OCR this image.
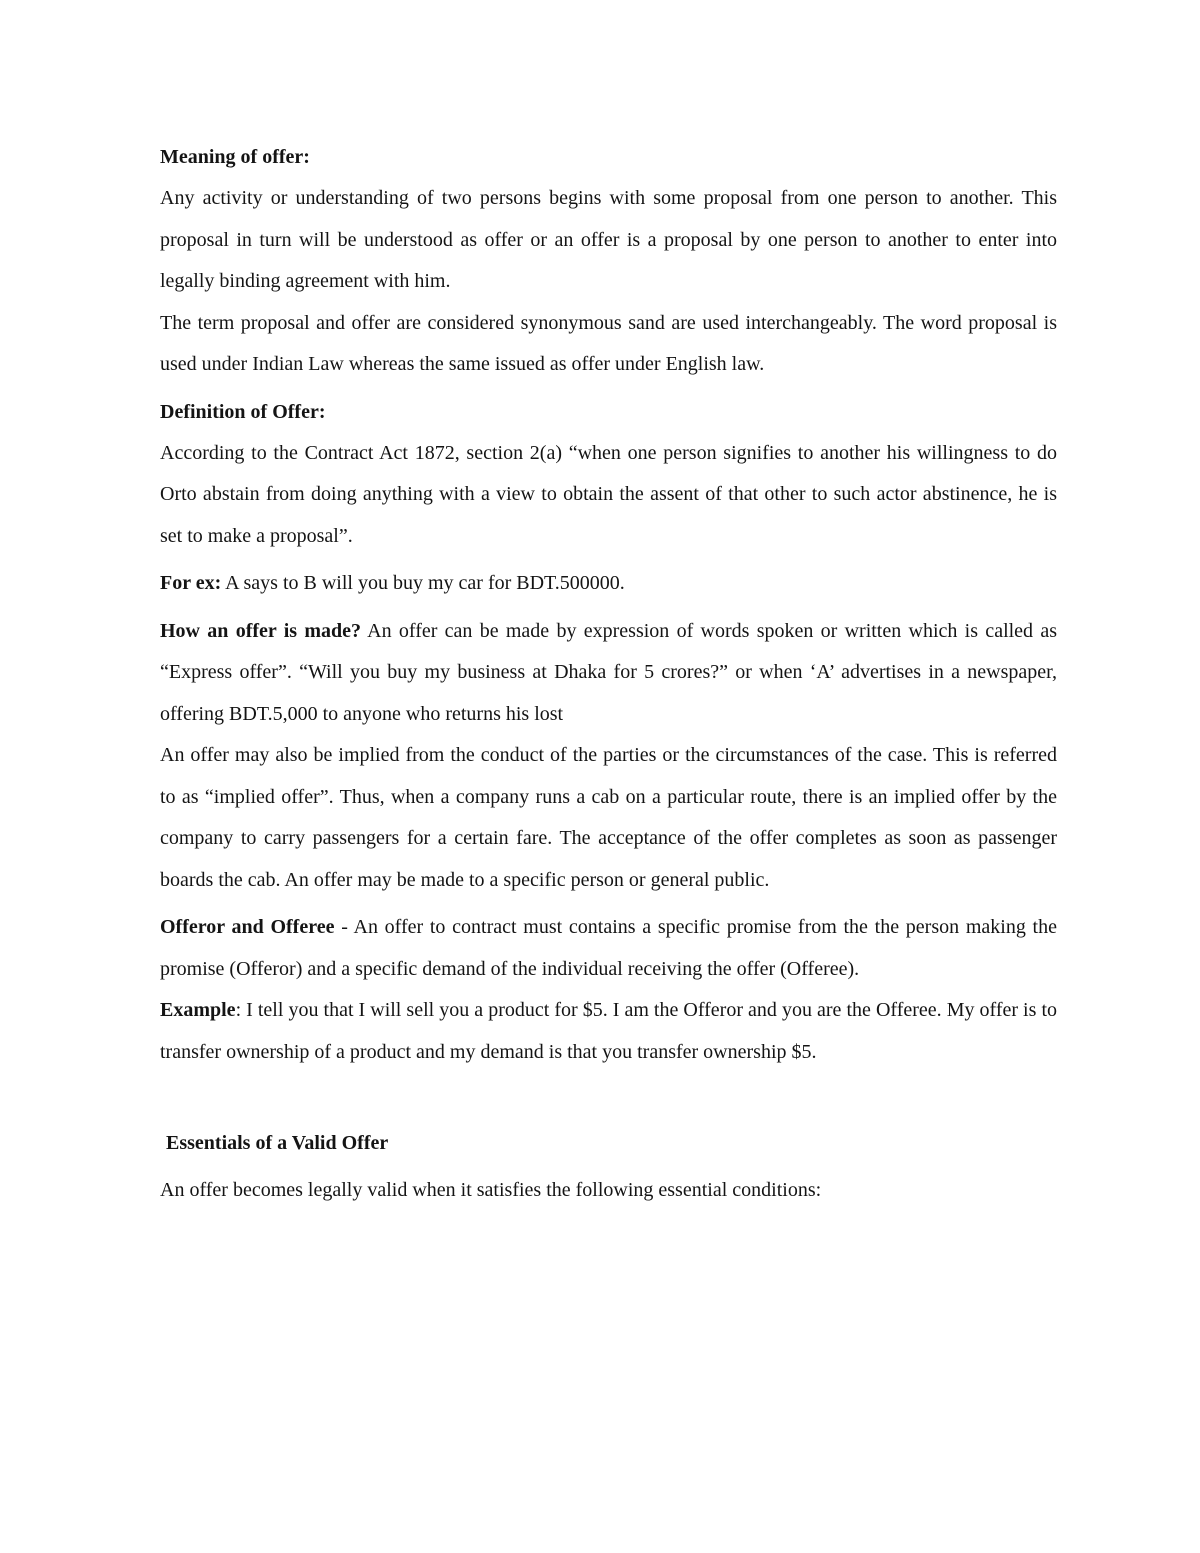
Meaning of offer:

Any activity or understanding of two persons begins with some proposal from one person to another. This proposal in turn will be understood as offer or an offer is a proposal by one person to another to enter into legally binding agreement with him.

The term proposal and offer are considered synonymous sand are used interchangeably. The word proposal is used under Indian Law whereas the same issued as offer under English law.

Definition of Offer:

According to the Contract Act 1872, section 2(a) “when one person signifies to another his willingness to do Orto abstain from doing anything with a view to obtain the assent of that other to such actor abstinence, he is set to make a proposal”.

For ex: A says to B will you buy my car for BDT.500000.

How an offer is made? An offer can be made by expression of words spoken or written which is called as “Express offer”. “Will you buy my business at Dhaka for 5 crores?” or when ‘A’ advertises in a newspaper, offering BDT.5,000 to anyone who returns his lost

An offer may also be implied from the conduct of the parties or the circumstances of the case. This is referred to as “implied offer”. Thus, when a company runs a cab on a particular route, there is an implied offer by the company to carry passengers for a certain fare. The acceptance of the offer completes as soon as passenger boards the cab. An offer may be made to a specific person or general public.

Offeror and Offeree - An offer to contract must contains a specific promise from the the person making the promise (Offeror) and a specific demand of the individual receiving the offer (Offeree).

Example: I tell you that I will sell you a product for $5. I am the Offeror and you are the Offeree. My offer is to transfer ownership of a product and my demand is that you transfer ownership $5.

Essentials of a Valid Offer

An offer becomes legally valid when it satisfies the following essential conditions:
